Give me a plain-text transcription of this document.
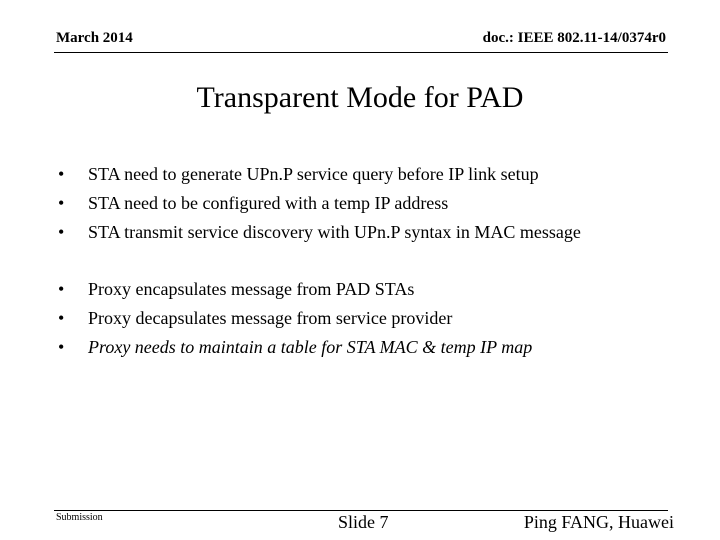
March 2014	doc.: IEEE 802.11-14/0374r0
Transparent Mode for PAD
• STA need to generate UPn.P service query before IP link setup
• STA need to be configured with a temp IP address
• STA transmit service discovery with UPn.P syntax in MAC message
• Proxy encapsulates message from PAD STAs
• Proxy decapsulates message from service provider
• Proxy needs to maintain a table for STA MAC & temp IP map
Submission	Slide 7	Ping FANG, Huawei
